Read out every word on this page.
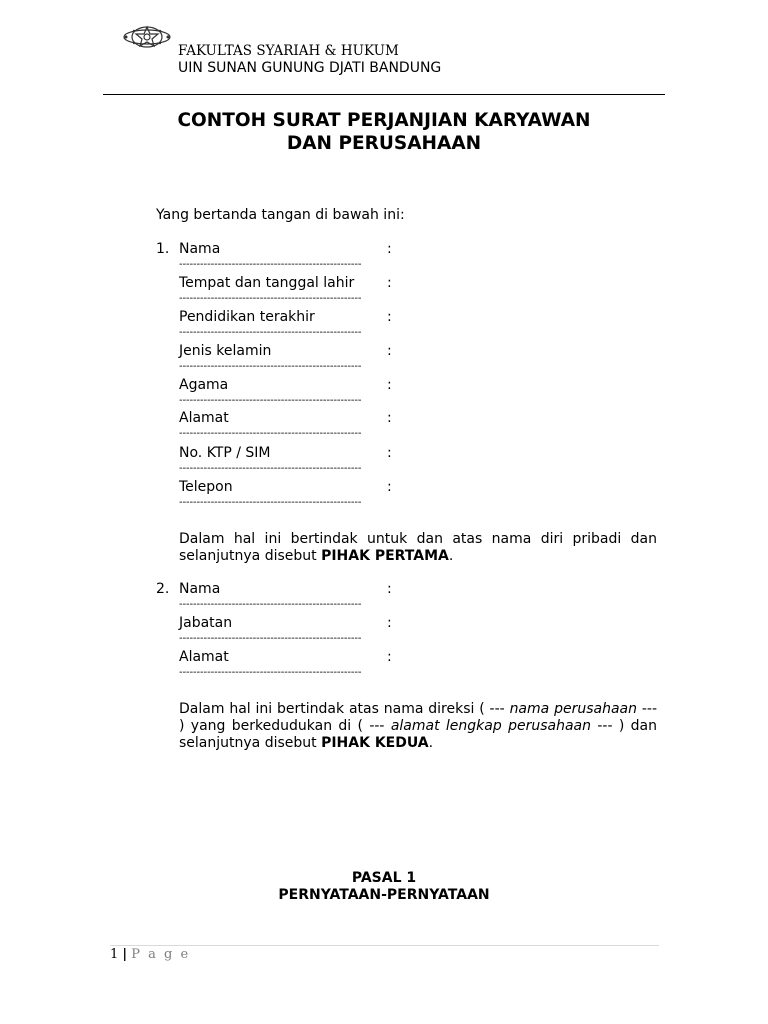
FAKULTAS SYARIAH & HUKUM
UIN SUNAN GUNUNG DJATI BANDUNG
CONTOH SURAT PERJANJIAN KARYAWAN
DAN PERUSAHAAN
Yang bertanda tangan di bawah ini:
1. Nama	:
----------------------------------------------------
Tempat dan tanggal lahir :
----------------------------------------------------
Pendidikan terakhir	:
----------------------------------------------------
Jenis kelamin	:
----------------------------------------------------
Agama	:
----------------------------------------------------
Alamat	:
----------------------------------------------------
No. KTP / SIM	:
----------------------------------------------------
Telepon	:
----------------------------------------------------
Dalam hal ini bertindak untuk dan atas nama diri pribadi dan selanjutnya disebut PIHAK PERTAMA.
2. Nama	:
----------------------------------------------------
Jabatan	:
----------------------------------------------------
Alamat	:
----------------------------------------------------
Dalam hal ini bertindak atas nama direksi ( --- nama perusahaan --- ) yang berkedudukan di ( --- alamat lengkap perusahaan --- ) dan selanjutnya disebut PIHAK KEDUA.
PASAL 1
PERNYATAAN-PERNYATAAN
1 | P a g e
